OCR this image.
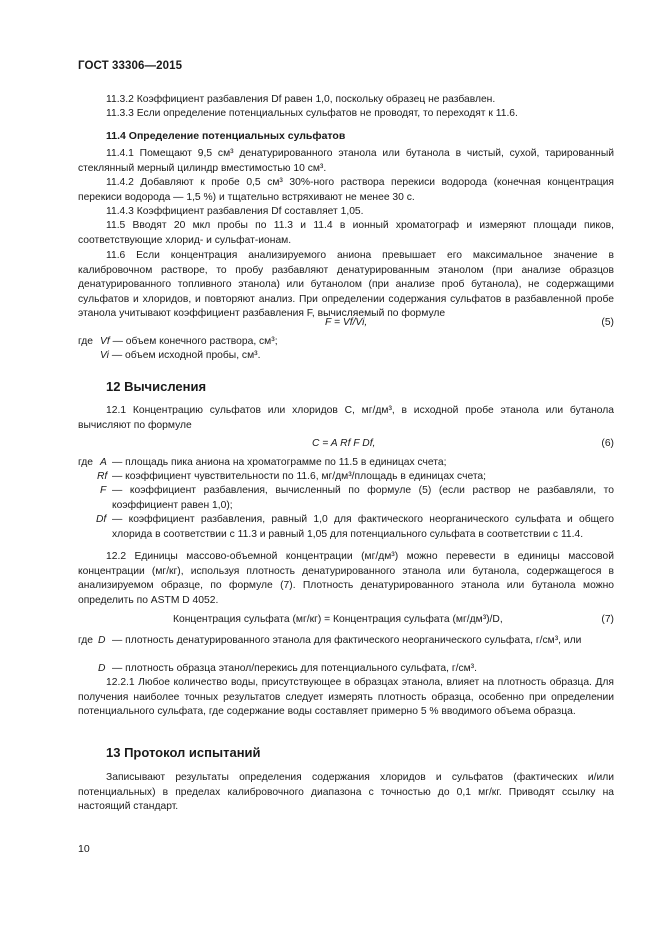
ГОСТ 33306—2015
11.3.2 Коэффициент разбавления Df равен 1,0, поскольку образец не разбавлен.
11.3.3 Если определение потенциальных сульфатов не проводят, то переходят к 11.6.
11.4 Определение потенциальных сульфатов
11.4.1 Помещают 9,5 см³ денатурированного этанола или бутанола в чистый, сухой, тарированный стеклянный мерный цилиндр вместимостью 10 см³.
11.4.2 Добавляют к пробе 0,5 см³ 30%-ного раствора перекиси водорода (конечная концентрация перекиси водорода — 1,5 %) и тщательно встряхивают не менее 30 с.
11.4.3 Коэффициент разбавления Df составляет 1,05.
11.5 Вводят 20 мкл пробы по 11.3 и 11.4 в ионный хроматограф и измеряют площади пиков, соответствующие хлорид- и сульфат-ионам.
11.6 Если концентрация анализируемого аниона превышает его максимальное значение в калибровочном растворе, то пробу разбавляют денатурированным этанолом (при анализе образцов денатурированного топливного этанола) или бутанолом (при анализе проб бутанола), не содержащими сульфатов и хлоридов, и повторяют анализ. При определении содержания сульфатов в разбавленной пробе этанола учитывают коэффициент разбавления F, вычисляемый по формуле
F = Vf/Vi,	(5)
где Vf — объем конечного раствора, см³;
Vi — объем исходной пробы, см³.
12 Вычисления
12.1 Концентрацию сульфатов или хлоридов С, мг/дм³, в исходной пробе этанола или бутанола вычисляют по формуле
C = A Rf F Df,	(6)
где A — площадь пика аниона на хроматограмме по 11.5 в единицах счета;
Rf — коэффициент чувствительности по 11.6, мг/дм³/площадь в единицах счета;
F — коэффициент разбавления, вычисленный по формуле (5) (если раствор не разбавляли, то коэффициент равен 1,0);
Df — коэффициент разбавления, равный 1,0 для фактического неорганического сульфата и общего хлорида в соответствии с 11.3 и равный 1,05 для потенциального сульфата в соответствии с 11.4.
12.2 Единицы массово-объемной концентрации (мг/дм³) можно перевести в единицы массовой концентрации (мг/кг), используя плотность денатурированного этанола или бутанола, содержащегося в анализируемом образце, по формуле (7). Плотность денатурированного этанола или бутанола можно определить по ASTM D 4052.
Концентрация сульфата (мг/кг) = Концентрация сульфата (мг/дм³)/D,	(7)
где D — плотность денатурированного этанола для фактического неорганического сульфата, г/см³, или
D — плотность образца этанол/перекись для потенциального сульфата, г/см³.
12.2.1 Любое количество воды, присутствующее в образцах этанола, влияет на плотность образца. Для получения наиболее точных результатов следует измерять плотность образца, особенно при определении потенциального сульфата, где содержание воды составляет примерно 5 % вводимого объема образца.
13 Протокол испытаний
Записывают результаты определения содержания хлоридов и сульфатов (фактических и/или потенциальных) в пределах калибровочного диапазона с точностью до 0,1 мг/кг. Приводят ссылку на настоящий стандарт.
10
